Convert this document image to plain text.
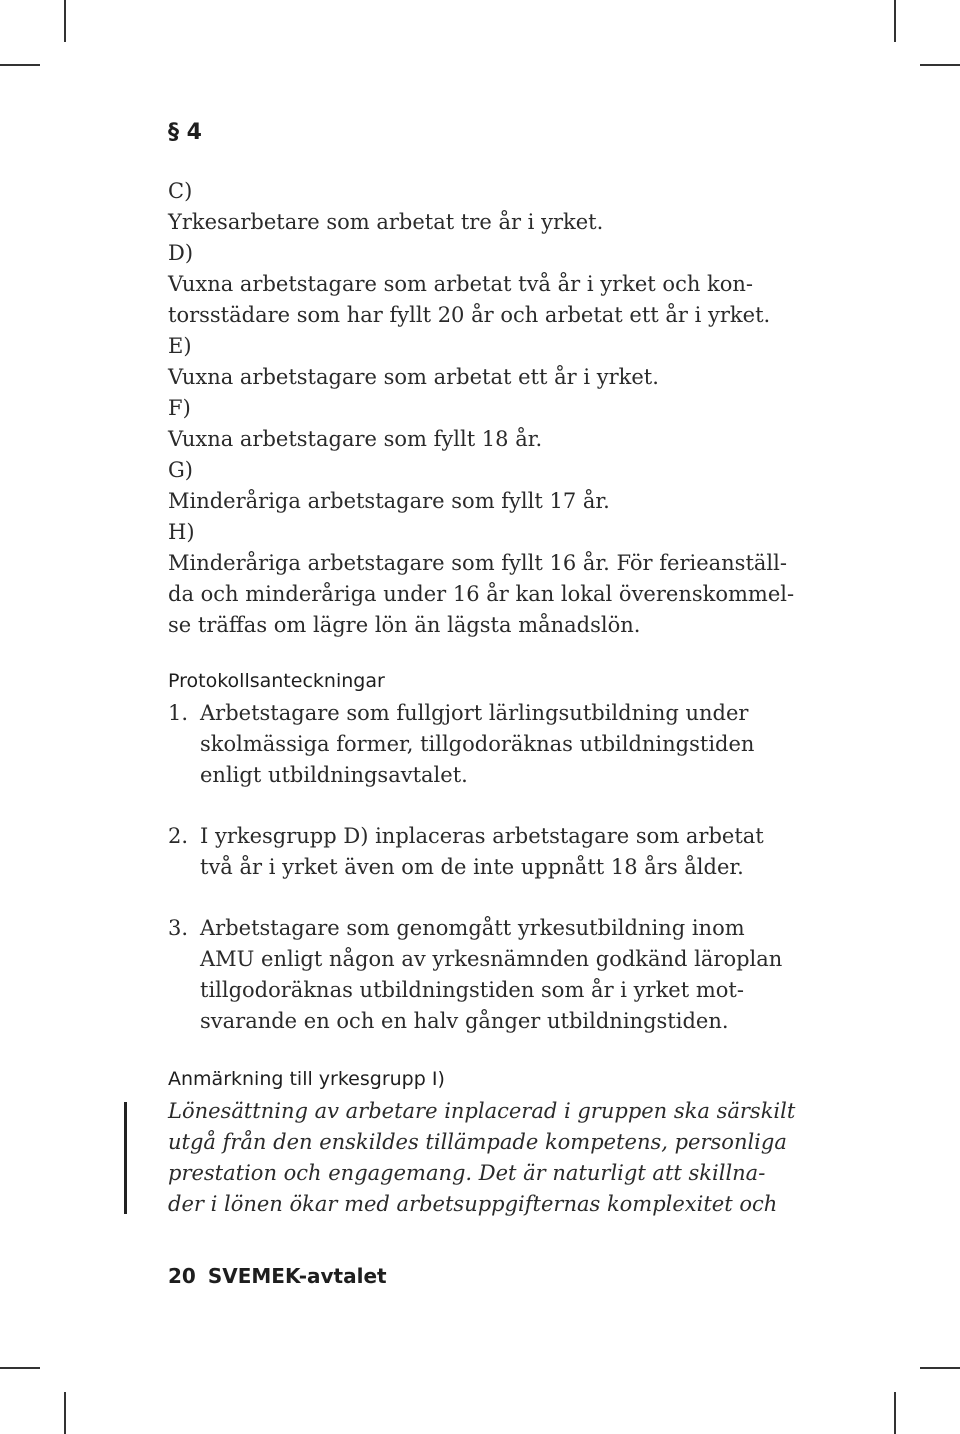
§ 4
C)
Yrkesarbetare som arbetat tre år i yrket.
D)
Vuxna arbetstagare som arbetat två år i yrket och kon-
torsstädare som har fyllt 20 år och arbetat ett år i yrket.
E)
Vuxna arbetstagare som arbetat ett år i yrket.
F)
Vuxna arbetstagare som fyllt 18 år.
G)
Minderåriga arbetstagare som fyllt 17 år.
H)
Minderåriga arbetstagare som fyllt 16 år. För ferieanställ-
da och minderåriga under 16 år kan lokal överenskommel-
se träffas om lägre lön än lägsta månadslön.
Protokollsanteckningar
1. Arbetstagare som fullgjort lärlingsutbildning under
skolmässiga former, tillgodoräknas utbildningstiden
enligt utbildningsavtalet.
2. I yrkesgrupp D) inplaceras arbetstagare som arbetat
två år i yrket även om de inte uppnått 18 års ålder.
3. Arbetstagare som genomgått yrkesutbildning inom
AMU enligt någon av yrkesnämnden godkänd läroplan
tillgodoräknas utbildningstiden som år i yrket mot-
svarande en och en halv gånger utbildningstiden.
Anmärkning till yrkesgrupp I)
Lönesättning av arbetare inplacerad i gruppen ska särskilt
utgå från den enskildes tillämpade kompetens, personliga
prestation och engagemang. Det är naturligt att skillna-
der i lönen ökar med arbetsuppgifternas komplexitet och
20 SVEMEK-avtalet
